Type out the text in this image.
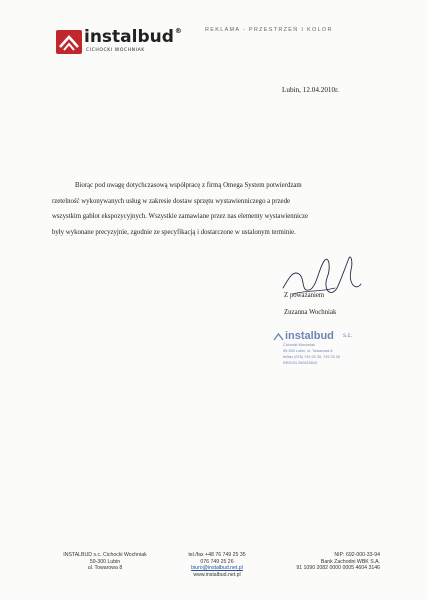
instalbud®
CICHOCKI WOCHNIAK
REKLAMA - PRZESTRZEŃ I KOLOR
Lubin, 12.04.2010r.
Biorąc pod uwagę dotychczasową współpracę z firmą Omega System potwierdzam
rzetelność wykonywanych usług w zakresie dostaw sprzętu wystawienniczego a przede
wszystkim gablot ekspozycyjnych. Wszystkie zamawiane przez nas elementy wystawiennicze
były wykonane precyzyjnie, zgodnie ze specyfikacją i dostarczone w ustalonym terminie.
Z poważaniem
Zuzanna Wochniak
instalbud s.c.
Cichocki Wochniak
59-300 Lubin, ul. Towarowa 8
tel/fax (076) 749 25 35, 749 25 26
REGON 390433503
INSTALBUD s.c. Cichocki Wochniak
59-300 Lubin
ul. Towarowa 8
tel./fax +48 76 749 25 35
076 749 25 26
biuro@instalbud.net.pl
www.instalbud.net.pl
NIP: 692-000-33-94
Bank Zachodni WBK S.A.
91 1090 2082 0000 0005 4604 3146
